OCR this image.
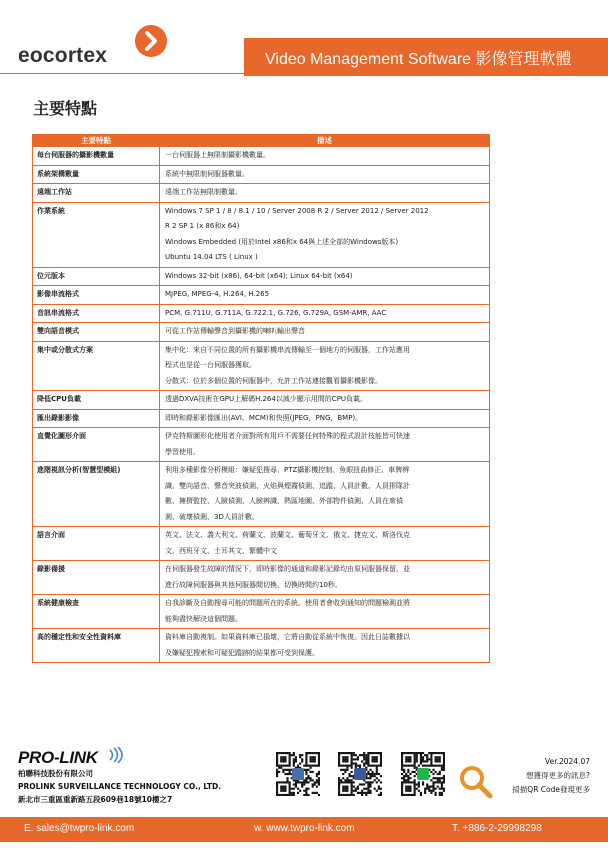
eocortex	Video Management Software 影像管理軟體
主要特點
主要特點	描述
每台伺服器的攝影機數量	一台伺服器上無限制攝影機數量。

系統架構數量	系統中無限制伺服器數量。

遠端工作站	遠端工作站無限制數量。

作業系統	Windows 7 SP 1 / 8 / 8.1 / 10 / Server 2008 R 2 / Server 2012 / Server 2012
R 2 SP 1 (x 86和x 64)
Windows Embedded (用於Intel x86和x 64與上述全部的Windows版本)
Ubuntu 14.04 LTS ( Linux )

位元版本	Windows 32-bit (x86), 64-bit (x64); Linux 64-bit (x64)

影像串流格式	MJPEG, MPEG-4, H.264, H.265

音訊串流格式	PCM, G.711U, G.711A, G.722.1, G.726, G.729A, GSM-AMR, AAC

雙向語音模式	可從工作站傳輸聲音到攝影機的喇叭輸出聲音

集中或分散式方案	集中化：來自不同位置的所有攝影機串流傳輸至一個地方的伺服器，工作站應用
程式也是從一台伺服器獲取。
分散式：位於多個位置的伺服器中，允許工作站連接觀看攝影機影像。

降低CPU負載	透過DXVA技術在GPU上解碼H.264以減少顯示用間的CPU負載。

匯出錄影影像	即時和錄影影像匯出(AVI、MCM)和快照(JPEG，PNG，BMP)。

直覺化圖形介面	伊克特斯圖形化使用者介面對所有用戶不需要任何特殊的程式設計技能皆可快速
學習使用。

進階視訊分析(智慧型模組)	利用多種影像分析模組：嫌疑犯搜尋、PTZ攝影機控制、魚眼扭曲修正、車牌辨
識、雙向語音、聲音突波偵測、火焰與煙霧偵測、追蹤、人員計數、人員排隊計
數、擁擠監控、人臉偵測、人臉辨識、熱區地圖、外部物件偵測、人員在席偵
測、破壞偵測、3D人員計數。

語言介面	英文、法文、義大利文、荷蘭文、波蘭文、葡萄牙文、俄文、捷克文、斯洛伐克
文、西班牙文、土耳其文、繁體中文

錄影備援	在伺服器發生故障的情況下，即時影像的通道和錄影記錄均由原伺服器保留，並
進行故障伺服器與其他伺服器間切換、切換時間約10秒。

系統健康檢查	自我診斷及自動搜尋可能的問題所在的系統。使用者會收到通知的問題檢測並將
能夠盡快解決這個問題。

高的穩定性和安全性資料庫	資料庫自動複制。如果資料庫已損壞，它將自動從系統中恢復。因此日誌數據以
及嫌疑犯搜索和可疑犯蹤跡的結果都可受到保護。
PRO-LINK
柏聯科技股份有限公司
PROLINK SURVEILLANCE TECHNOLOGY CO., LTD.
新北市三重區重新路五段609巷18號10樓之7
Ver.2024.07
想獲得更多的訊息?
掃描QR Code發現更多
E. sales@twpro-link.com	w. www.twpro-link.com	T. +886-2-29998298
